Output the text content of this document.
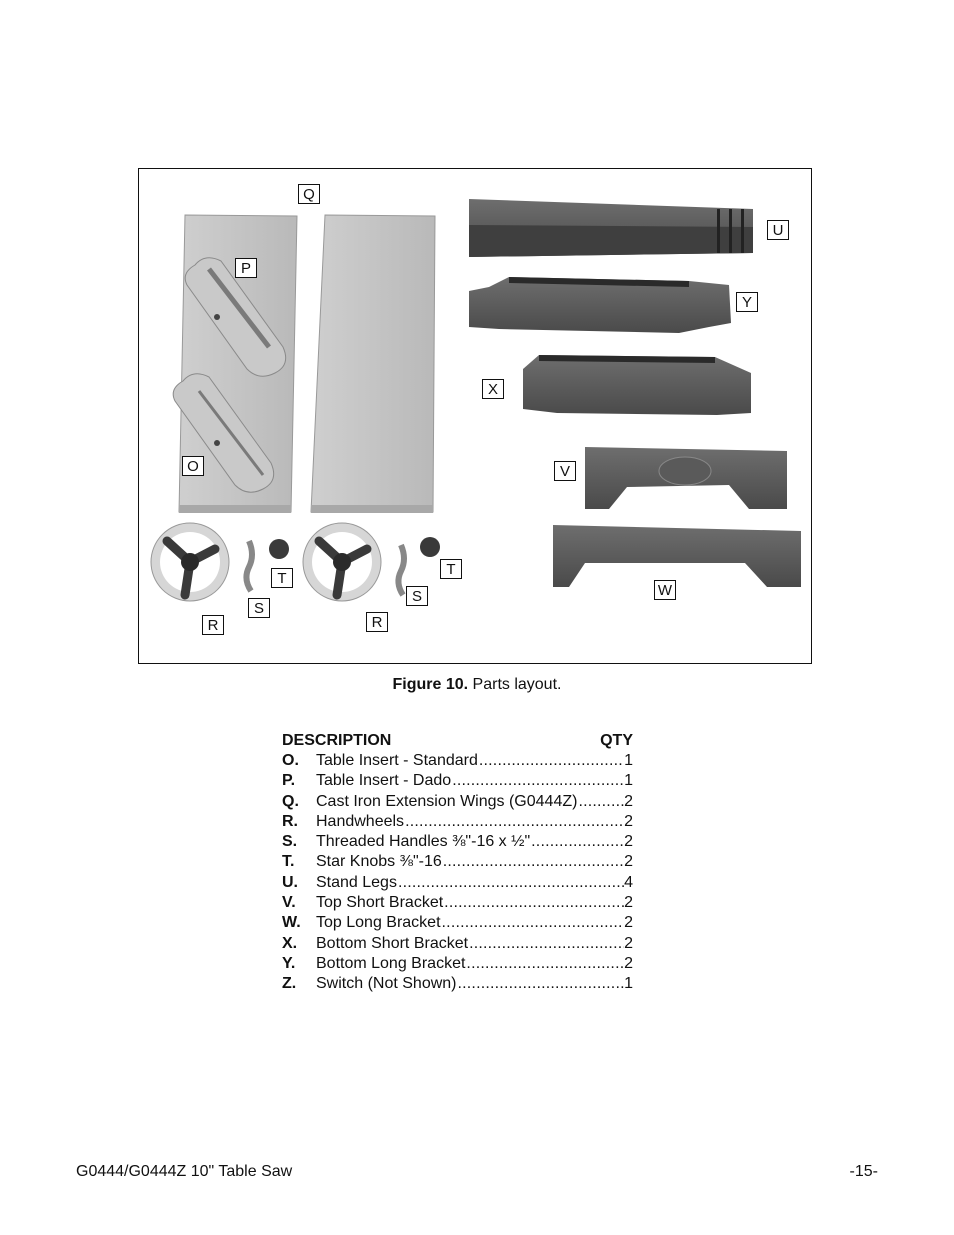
Q
P
O
U
Y
X
V
W
R	R
S
S
T
T
Figure 10. Parts layout.
DESCRIPTION	QTY
O.	Table Insert - Standard .....	1
P.	Table Insert - Dado .....	1
Q.	Cast Iron Extension Wings (G0444Z) .....	2
R.	Handwheels .....	2
S.	Threaded Handles ⅜"-16 x ½" .....	2
T.	Star Knobs ⅜"-16 .....	2
U.	Stand Legs .....	4
V.	Top Short Bracket .....	2
W. Top Long Bracket .....	2
X.	Bottom Short Bracket .....	2
Y.	Bottom Long Bracket .....	2
Z.	Switch (Not Shown) .....	1
G0444/G0444Z 10" Table Saw	-15-
